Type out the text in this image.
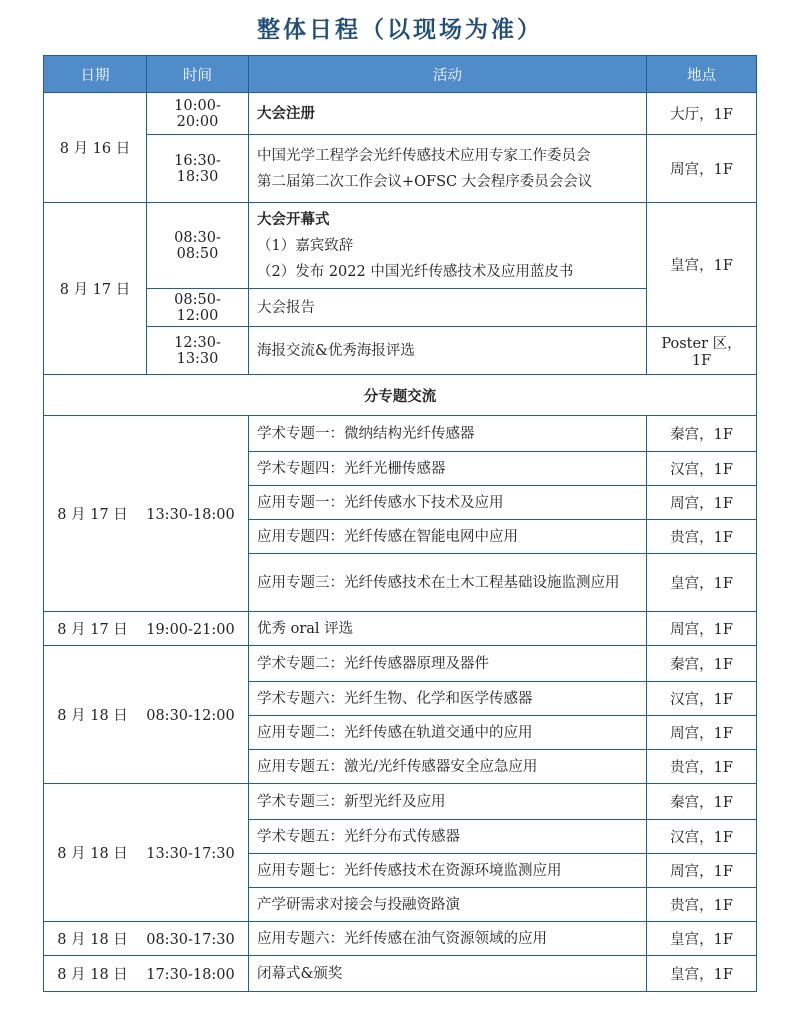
整体日程（以现场为准）
日期	时间	活动	地点
8 月 16 日	10:00-20:00	大会注册	大厅，1F
	16:30-18:30	中国光学工程学会光纤传感技术应用专家工作委员会
第二届第二次工作会议+OFSC 大会程序委员会会议	周宫，1F
8 月 17 日	08:30-08:50	大会开幕式
（1）嘉宾致辞
（2）发布 2022 中国光纤传感技术及应用蓝皮书	皇宫，1F
	08:50-12:00	大会报告	
	12:30-13:30	海报交流&优秀海报评选	Poster 区，1F
分专题交流			
8 月 17 日 13:30-18:00		学术专题一：微纳结构光纤传感器	秦宫，1F
		学术专题四：光纤光栅传感器	汉宫，1F
		应用专题一：光纤传感水下技术及应用	周宫，1F
		应用专题四：光纤传感在智能电网中应用	贵宫，1F
		应用专题三：光纤传感技术在土木工程基础设施监测应用	皇宫，1F
8 月 17 日 19:00-21:00		优秀 oral 评选	周宫，1F
8 月 18 日 08:30-12:00		学术专题二：光纤传感器原理及器件	秦宫，1F
		学术专题六：光纤生物、化学和医学传感器	汉宫，1F
		应用专题二：光纤传感在轨道交通中的应用	周宫，1F
		应用专题五：激光/光纤传感器安全应急应用	贵宫，1F
8 月 18 日 13:30-17:30		学术专题三：新型光纤及应用	秦宫，1F
		学术专题五：光纤分布式传感器	汉宫，1F
		应用专题七：光纤传感技术在资源环境监测应用	周宫，1F
		产学研需求对接会与投融资路演	贵宫，1F
8 月 18 日 08:30-17:30		应用专题六：光纤传感在油气资源领域的应用	皇宫，1F
8 月 18 日 17:30-18:00		闭幕式&颁奖	皇宫，1F
